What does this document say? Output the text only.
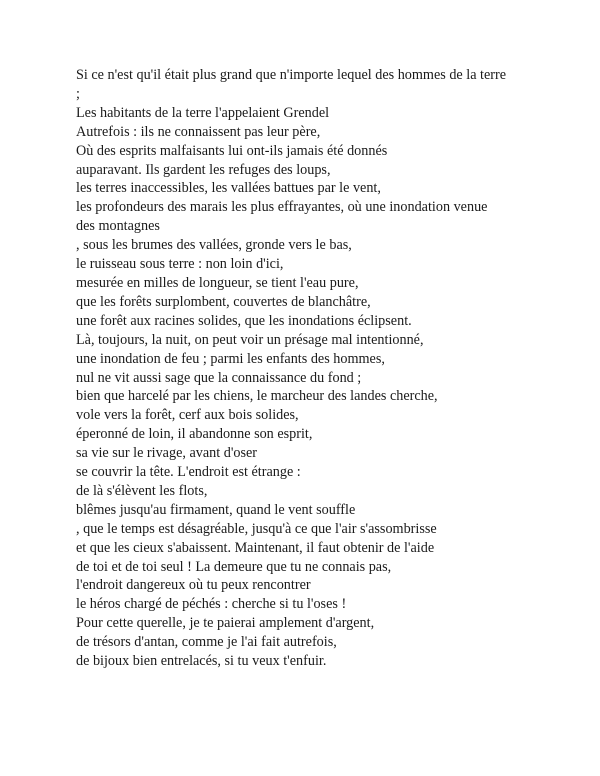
Si ce n'est qu'il était plus grand que n'importe lequel des hommes de la terre
;
Les habitants de la terre l'appelaient Grendel
Autrefois : ils ne connaissent pas leur père,
Où des esprits malfaisants lui ont-ils jamais été donnés
auparavant. Ils gardent les refuges des loups,
les terres inaccessibles, les vallées battues par le vent,
les profondeurs des marais les plus effrayantes, où une inondation venue
des montagnes
, sous les brumes des vallées, gronde vers le bas,
le ruisseau sous terre : non loin d'ici,
mesurée en milles de longueur, se tient l'eau pure,
que les forêts surplombent, couvertes de blanchâtre,
une forêt aux racines solides, que les inondations éclipsent.
Là, toujours, la nuit, on peut voir un présage mal intentionné,
une inondation de feu ; parmi les enfants des hommes,
nul ne vit aussi sage que la connaissance du fond ;
bien que harcelé par les chiens, le marcheur des landes cherche,
vole vers la forêt, cerf aux bois solides,
éperonné de loin, il abandonne son esprit,
sa vie sur le rivage, avant d'oser
se couvrir la tête. L'endroit est étrange :
de là s'élèvent les flots,
blêmes jusqu'au firmament, quand le vent souffle
, que le temps est désagréable, jusqu'à ce que l'air s'assombrisse
et que les cieux s'abaissent. Maintenant, il faut obtenir de l'aide
de toi et de toi seul ! La demeure que tu ne connais pas,
l'endroit dangereux où tu peux rencontrer
le héros chargé de péchés : cherche si tu l'oses !
Pour cette querelle, je te paierai amplement d'argent,
de trésors d'antan, comme je l'ai fait autrefois,
de bijoux bien entrelacés, si tu veux t'enfuir.
